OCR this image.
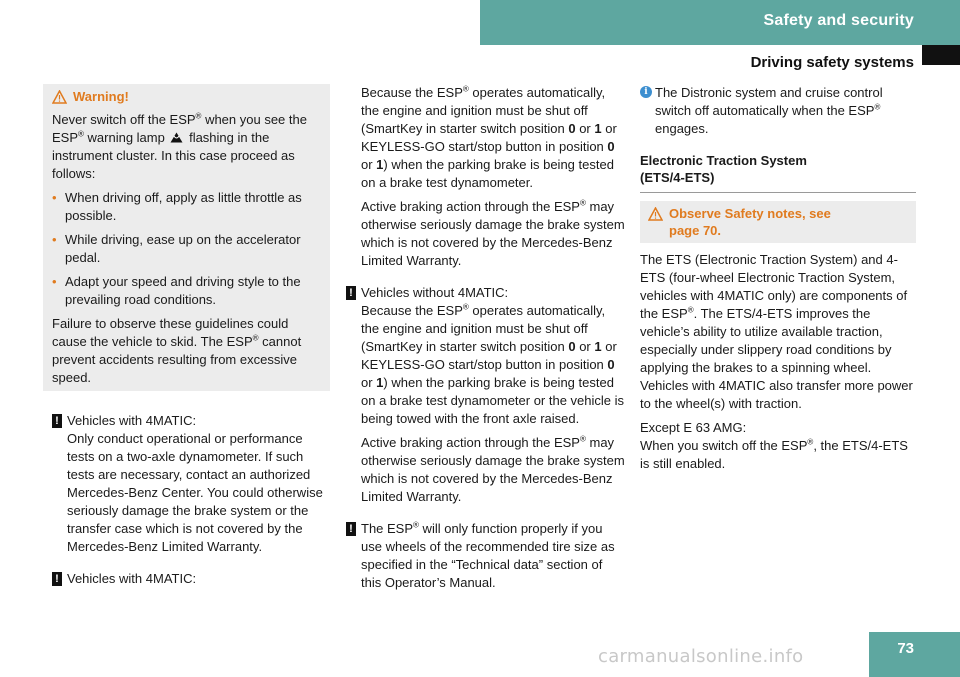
Safety and security
Driving safety systems
Warning!
Never switch off the ESP® when you see the ESP® warning lamp  flashing in the instrument cluster. In this case proceed as follows:
• When driving off, apply as little throttle as possible.
• While driving, ease up on the accelerator pedal.
• Adapt your speed and driving style to the prevailing road conditions.
Failure to observe these guidelines could cause the vehicle to skid. The ESP® cannot prevent accidents resulting from excessive speed.
! Vehicles with 4MATIC:
Only conduct operational or performance tests on a two-axle dynamometer. If such tests are necessary, contact an authorized Mercedes-Benz Center. You could otherwise seriously damage the brake system or the transfer case which is not covered by the Mercedes-Benz Limited Warranty.
! Vehicles with 4MATIC:
Because the ESP® operates automatically, the engine and ignition must be shut off (SmartKey in starter switch position 0 or 1 or KEYLESS-GO start/stop button in position 0 or 1) when the parking brake is being tested on a brake test dynamometer.
Active braking action through the ESP® may otherwise seriously damage the brake system which is not covered by the Mercedes-Benz Limited Warranty.
! Vehicles without 4MATIC:
Because the ESP® operates automatically, the engine and ignition must be shut off (SmartKey in starter switch position 0 or 1 or KEYLESS-GO start/stop button in position 0 or 1) when the parking brake is being tested on a brake test dynamometer or the vehicle is being towed with the front axle raised.
Active braking action through the ESP® may otherwise seriously damage the brake system which is not covered by the Mercedes-Benz Limited Warranty.
! The ESP® will only function properly if you use wheels of the recommended tire size as specified in the “Technical data” section of this Operator’s Manual.
i The Distronic system and cruise control switch off automatically when the ESP® engages.
Electronic Traction System
(ETS/4-ETS)
Observe Safety notes, see
page 70.
The ETS (Electronic Traction System) and 4-ETS (four-wheel Electronic Traction System, vehicles with 4MATIC only) are components of the ESP®. The ETS/4-ETS improves the vehicle’s ability to utilize available traction, especially under slippery road conditions by applying the brakes to a spinning wheel. Vehicles with 4MATIC also transfer more power to the wheel(s) with traction.
Except E 63 AMG:
When you switch off the ESP®, the ETS/4-ETS is still enabled.
73
carmanualsonline.info
